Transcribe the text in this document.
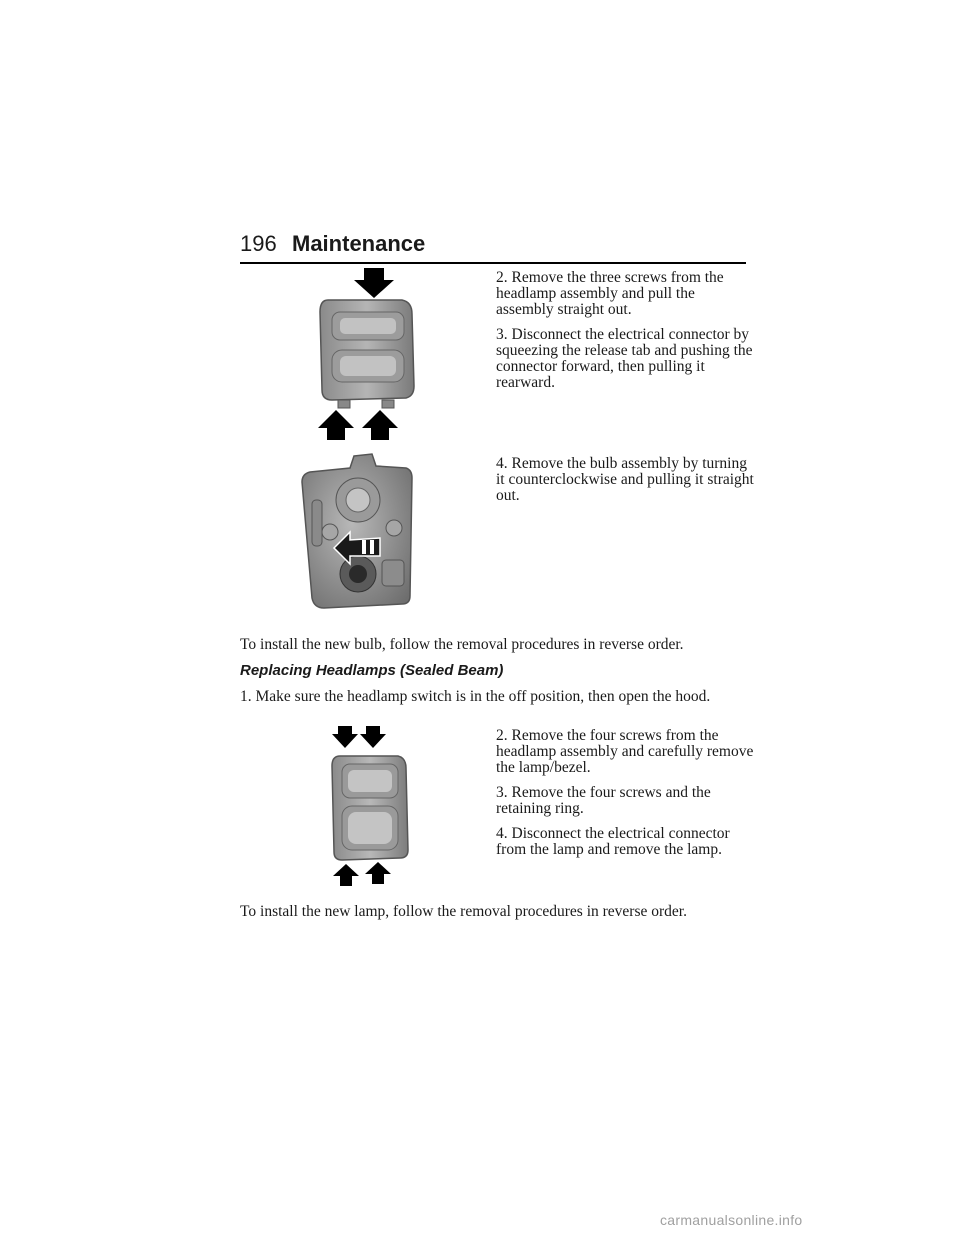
196 Maintenance

2. Remove the three screws from the headlamp assembly and pull the assembly straight out.

3. Disconnect the electrical connector by squeezing the release tab and pushing the connector forward, then pulling it rearward.

4. Remove the bulb assembly by turning it counterclockwise and pulling it straight out.

To install the new bulb, follow the removal procedures in reverse order.

Replacing Headlamps (Sealed Beam)

1. Make sure the headlamp switch is in the off position, then open the hood.

2. Remove the four screws from the headlamp assembly and carefully remove the lamp/bezel.

3. Remove the four screws and the retaining ring.

4. Disconnect the electrical connector from the lamp and remove the lamp.

To install the new lamp, follow the removal procedures in reverse order.

carmanualsonline.info
